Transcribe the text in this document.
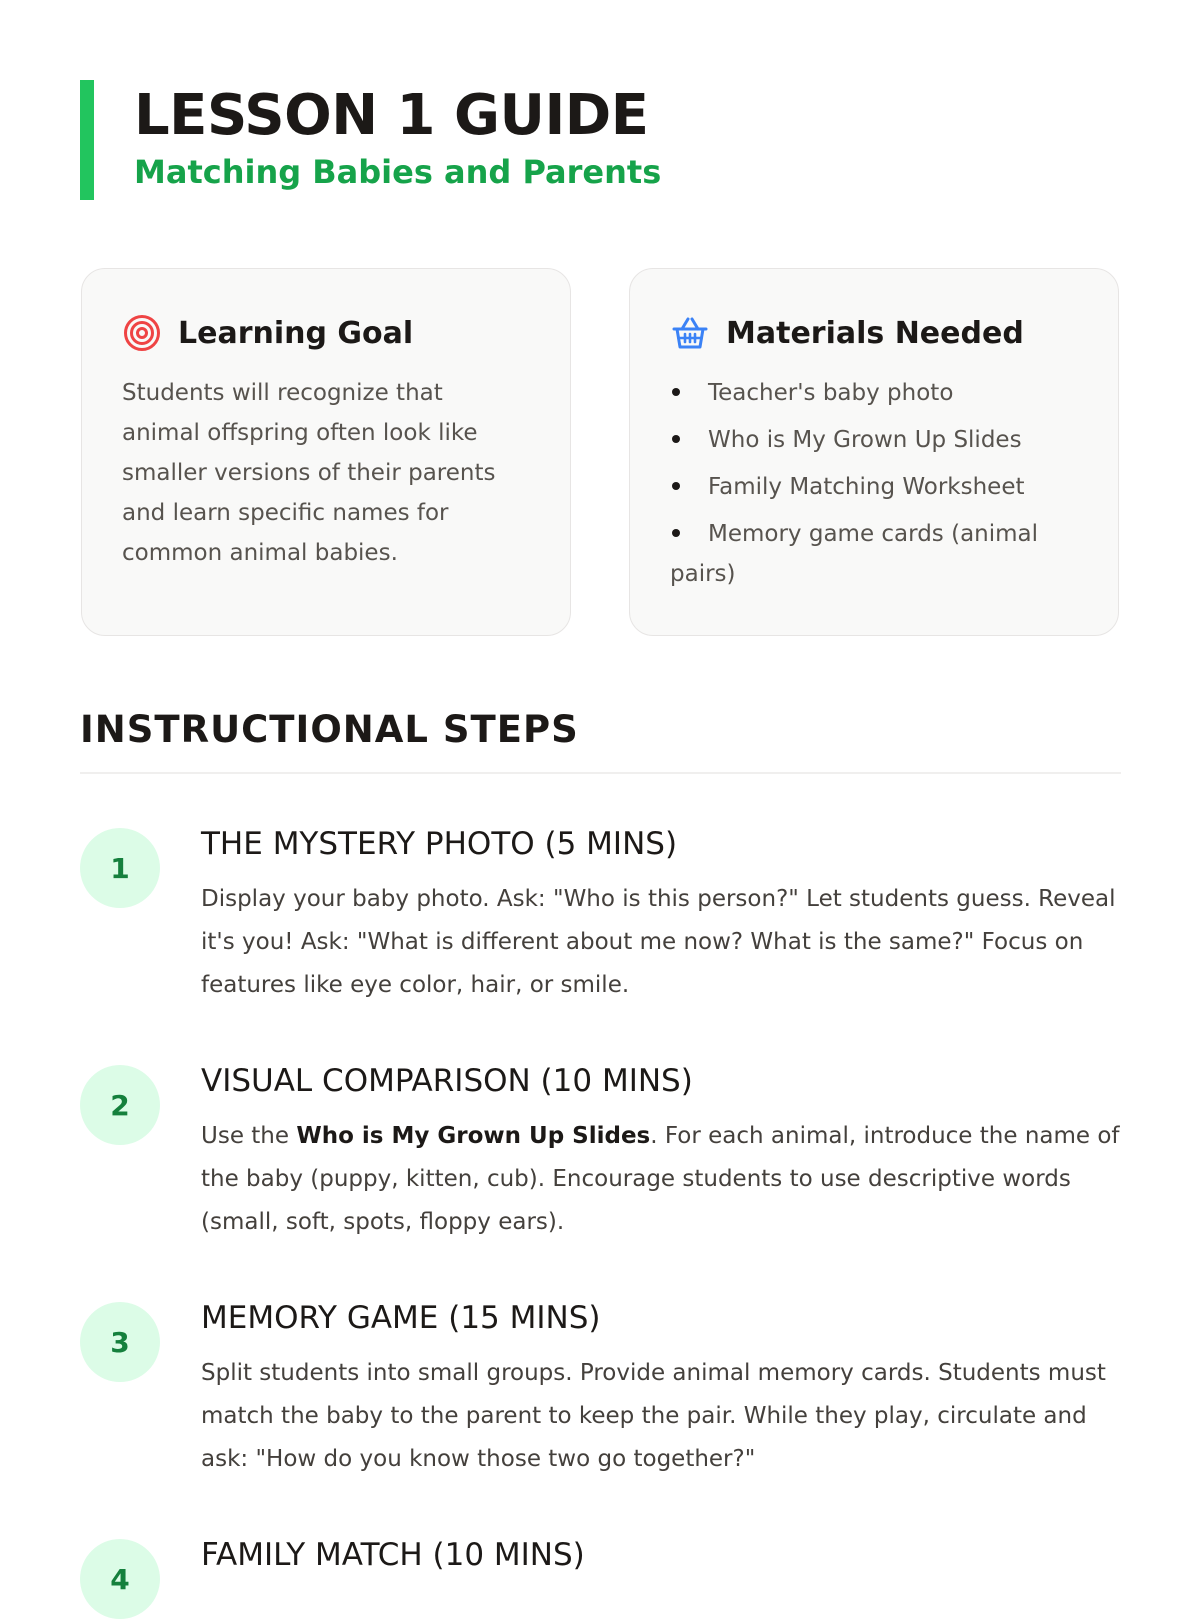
LESSON 1 GUIDE
Matching Babies and Parents
Learning Goal

Students will recognize that animal offspring often look like smaller versions of their parents and learn specific names for common animal babies.

Materials Needed
Teacher's baby photo
Who is My Grown Up Slides
Family Matching Worksheet
Memory game cards (animal pairs)
INSTRUCTIONAL STEPS
1
THE MYSTERY PHOTO (5 MINS)

Display your baby photo. Ask: "Who is this person?" Let students guess. Reveal it's you! Ask: "What is different about me now? What is the same?" Focus on features like eye color, hair, or smile.

2
VISUAL COMPARISON (10 MINS)

Use the Who is My Grown Up Slides. For each animal, introduce the name of the baby (puppy, kitten, cub). Encourage students to use descriptive words (small, soft, spots, floppy ears).

3
MEMORY GAME (15 MINS)

Split students into small groups. Provide animal memory cards. Students must match the baby to the parent to keep the pair. While they play, circulate and ask: "How do you know those two go together?"

4
FAMILY MATCH (10 MINS)
